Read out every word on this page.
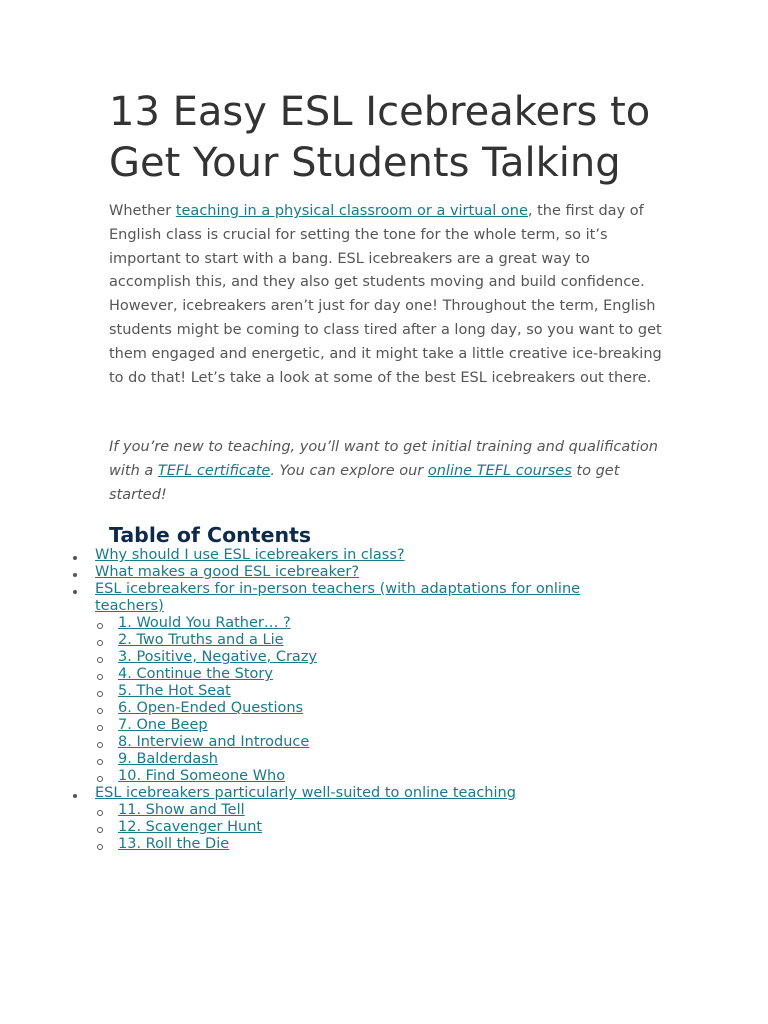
13 Easy ESL Icebreakers to Get Your Students Talking

Whether teaching in a physical classroom or a virtual one, the first day of English class is crucial for setting the tone for the whole term, so it’s important to start with a bang. ESL icebreakers are a great way to accomplish this, and they also get students moving and build confidence. However, icebreakers aren’t just for day one! Throughout the term, English students might be coming to class tired after a long day, so you want to get them engaged and energetic, and it might take a little creative ice-breaking to do that! Let’s take a look at some of the best ESL icebreakers out there.

If you’re new to teaching, you’ll want to get initial training and qualification with a TEFL certificate. You can explore our online TEFL courses to get started!

Table of Contents
Why should I use ESL icebreakers in class?
What makes a good ESL icebreaker?
ESL icebreakers for in-person teachers (with adaptations for online teachers)
1. Would You Rather… ?
2. Two Truths and a Lie
3. Positive, Negative, Crazy
4. Continue the Story
5. The Hot Seat
6. Open-Ended Questions
7. One Beep
8. Interview and Introduce
9. Balderdash
10. Find Someone Who
ESL icebreakers particularly well-suited to online teaching
11. Show and Tell
12. Scavenger Hunt
13. Roll the Die
